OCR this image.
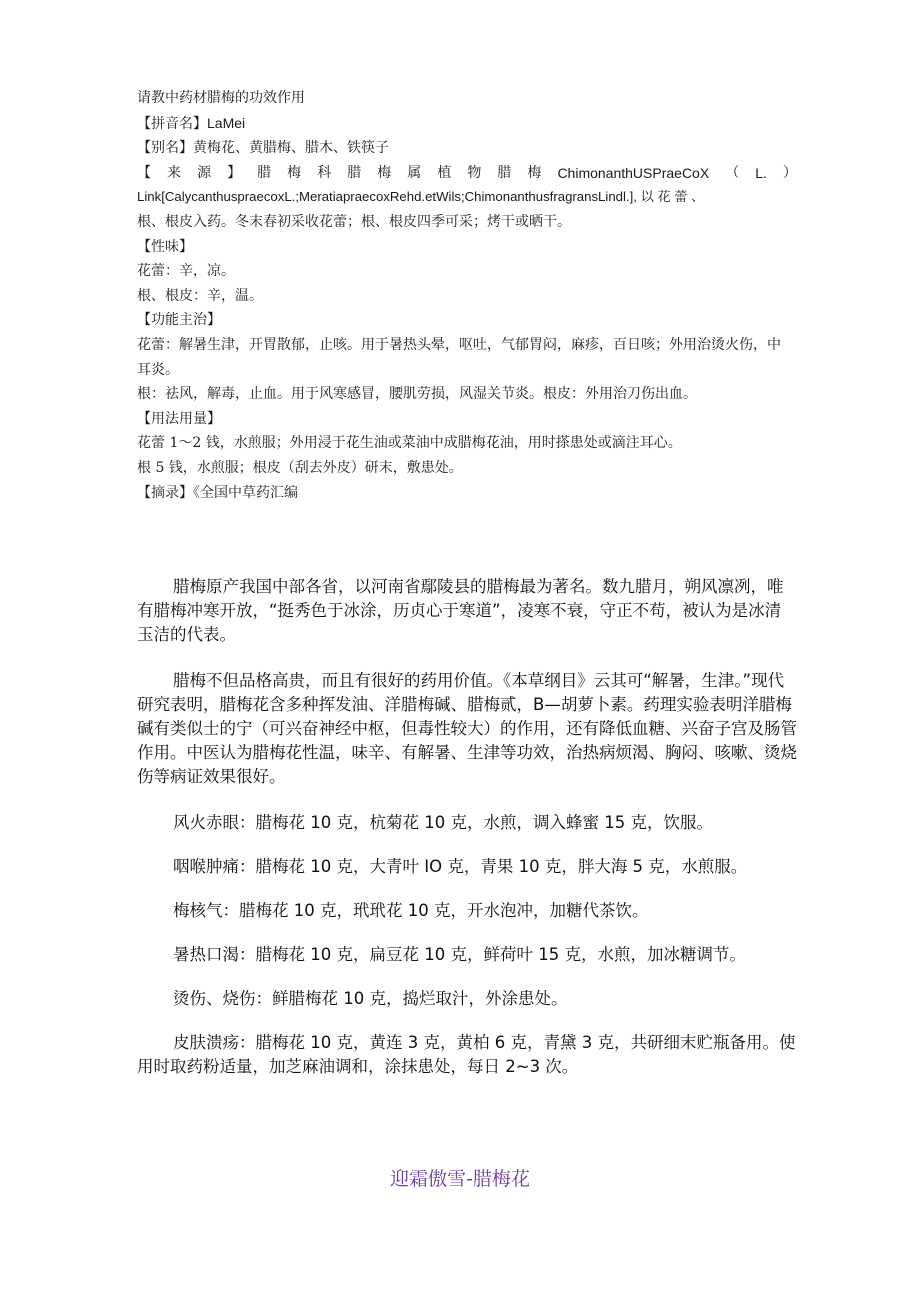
请教中药材腊梅的功效作用
【拼音名】LaMei
【别名】黄梅花、黄腊梅、腊木、铁筷子
【 来 源 】 腊 梅 科 腊 梅 属 植 物 腊 梅 ChimonanthUSPraeCoX （ L. ）
Link[CalycanthuspraecoxL.;MeratiapraecoxRehd.etWils;ChimonanthusfragransLindl.], 以 花 蕾 、
根、根皮入药。冬末春初采收花蕾；根、根皮四季可采；烤干或晒干。
【性味】
花蕾：辛，凉。
根、根皮：辛，温。
【功能主治】
花蕾：解暑生津，开胃散郁，止咳。用于暑热头晕，呕吐，气郁胃闷，麻疹，百日咳；外用治烫火伤，中耳炎。
根：祛风，解毒，止血。用于风寒感冒，腰肌劳损，风湿关节炎。根皮：外用治刀伤出血。
【用法用量】
花蕾 1～2 钱，水煎服；外用浸于花生油或菜油中成腊梅花油，用时搽患处或滴注耳心。
根 5 钱，水煎服；根皮（刮去外皮）研末，敷患处。
【摘录】《全国中草药汇编
腊梅原产我国中部各省，以河南省鄢陵县的腊梅最为著名。数九腊月，朔风凛冽，唯有腊梅冲寒开放，“挺秀色于冰涂，历贞心于寒道”，凌寒不衰，守正不苟，被认为是冰清玉洁的代表。
腊梅不但品格高贵，而且有很好的药用价值。《本草纲目》云其可“解暑，生津。”现代研究表明，腊梅花含多种挥发油、洋腊梅碱、腊梅贰，B—胡萝卜素。药理实验表明洋腊梅碱有类似士的宁（可兴奋神经中枢，但毒性较大）的作用，还有降低血糖、兴奋子宫及肠管作用。中医认为腊梅花性温，味辛、有解暑、生津等功效，治热病烦渴、胸闷、咳嗽、烫烧伤等病证效果很好。
风火赤眼：腊梅花 10 克，杭菊花 10 克，水煎，调入蜂蜜 15 克，饮服。
咽喉肿痛：腊梅花 10 克，大青叶 IO 克，青果 10 克，胖大海 5 克，水煎服。
梅核气：腊梅花 10 克，玳玳花 10 克，开水泡冲，加糖代茶饮。
暑热口渴：腊梅花 10 克，扁豆花 10 克，鲜荷叶 15 克，水煎，加冰糖调节。
烫伤、烧伤：鲜腊梅花 10 克，捣烂取汁，外涂患处。
皮肤溃疡：腊梅花 10 克，黄连 3 克，黄柏 6 克，青黛 3 克，共研细末贮瓶备用。使用时取药粉适量，加芝麻油调和，涂抹患处，每日 2~3 次。
迎霜傲雪-腊梅花
